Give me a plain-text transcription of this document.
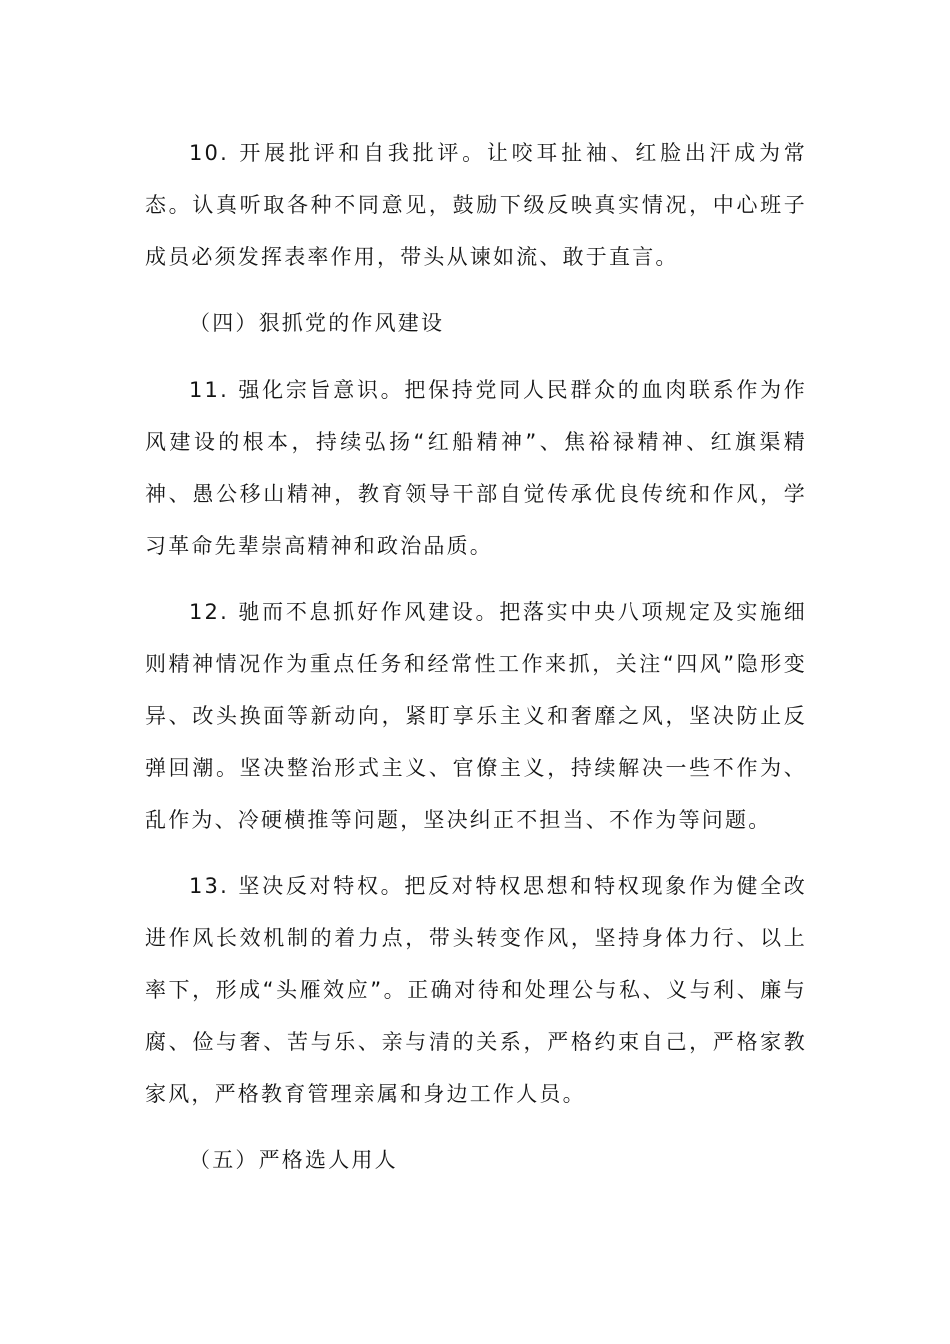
10. 开展批评和自我批评。让咬耳扯袖、红脸出汗成为常态。认真听取各种不同意见，鼓励下级反映真实情况，中心班子成员必须发挥表率作用，带头从谏如流、敢于直言。

（四）狠抓党的作风建设

11. 强化宗旨意识。把保持党同人民群众的血肉联系作为作风建设的根本，持续弘扬“红船精神”、焦裕禄精神、红旗渠精神、愚公移山精神，教育领导干部自觉传承优良传统和作风，学习革命先辈崇高精神和政治品质。

12. 驰而不息抓好作风建设。把落实中央八项规定及实施细则精神情况作为重点任务和经常性工作来抓，关注“四风”隐形变异、改头换面等新动向，紧盯享乐主义和奢靡之风，坚决防止反弹回潮。坚决整治形式主义、官僚主义，持续解决一些不作为、乱作为、冷硬横推等问题，坚决纠正不担当、不作为等问题。

13. 坚决反对特权。把反对特权思想和特权现象作为健全改进作风长效机制的着力点，带头转变作风，坚持身体力行、以上率下，形成“头雁效应”。正确对待和处理公与私、义与利、廉与腐、俭与奢、苦与乐、亲与清的关系，严格约束自己，严格家教家风，严格教育管理亲属和身边工作人员。

（五）严格选人用人
